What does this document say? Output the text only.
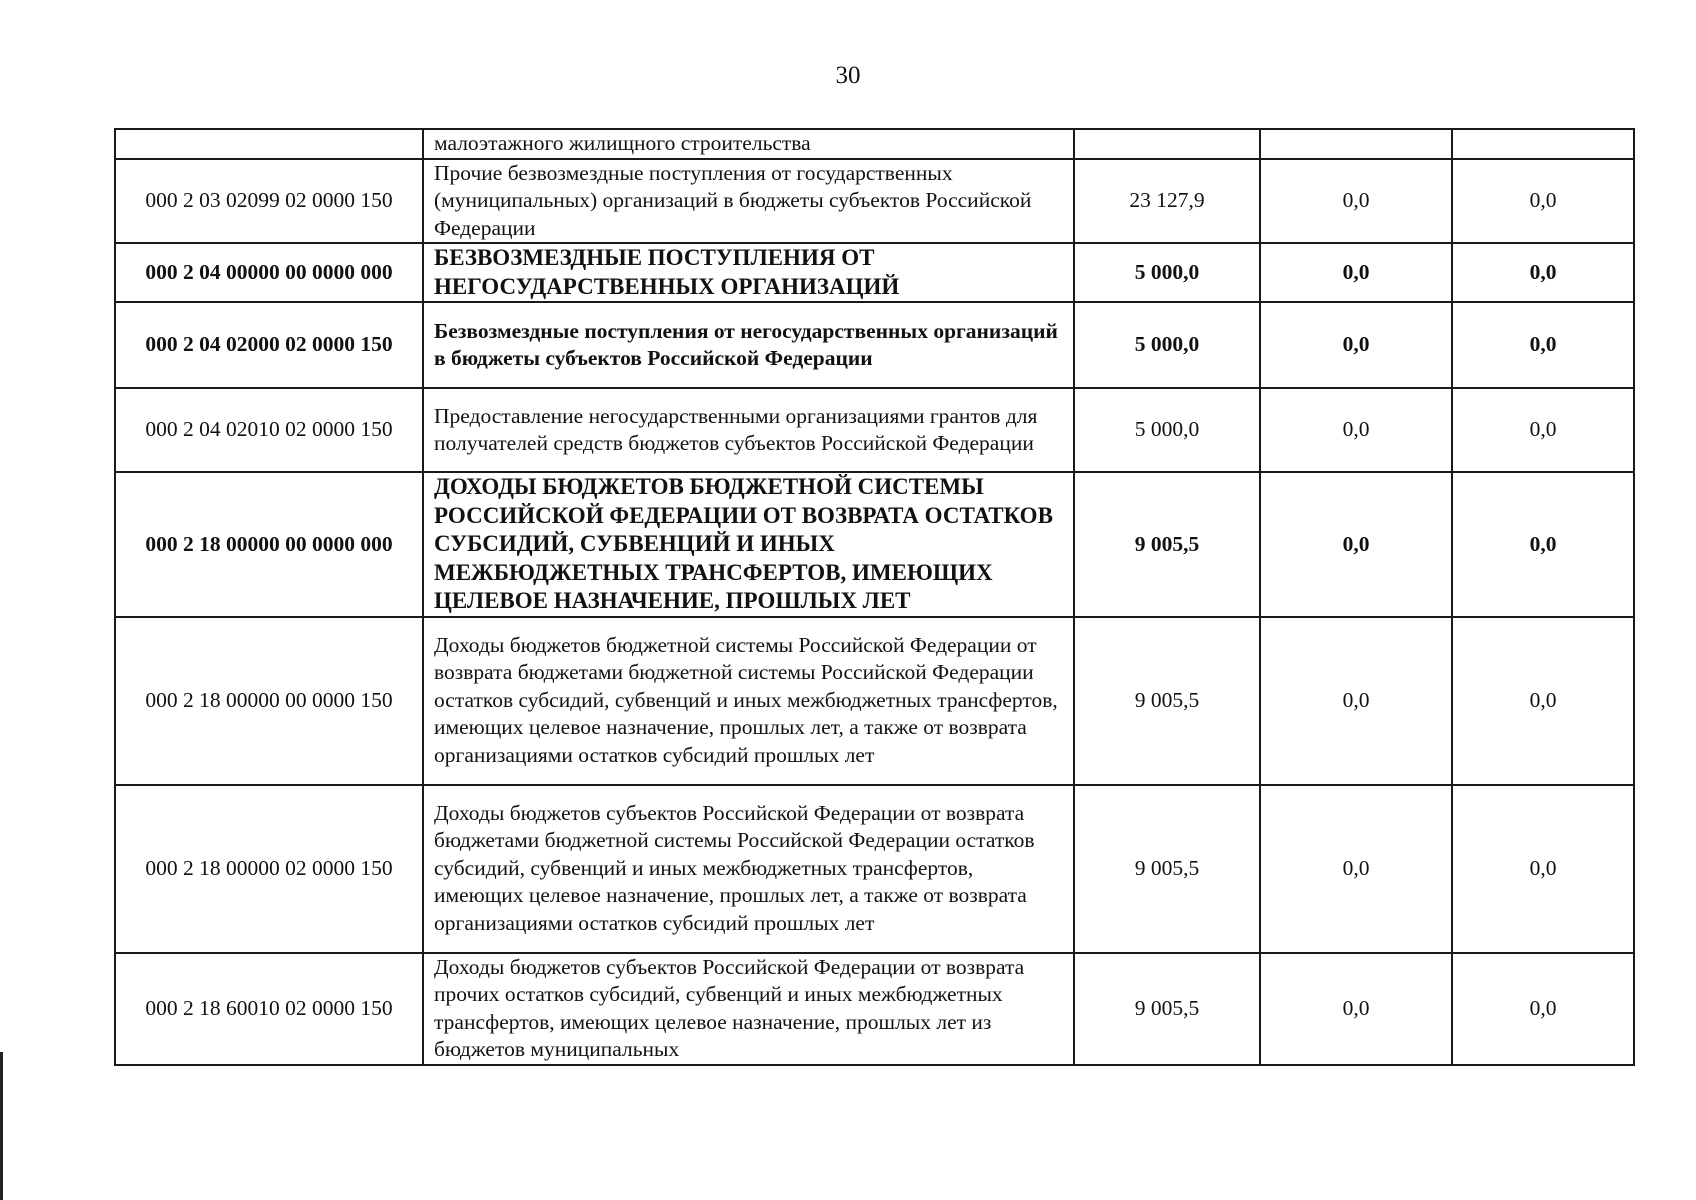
30
	малоэтажного жилищного строительства			
000 2 03 02099 02 0000 150	Прочие безвозмездные поступления от государственных (муниципальных) организаций в бюджеты субъектов Российской Федерации	23 127,9	0,0	0,0
000 2 04 00000 00 0000 000	БЕЗВОЗМЕЗДНЫЕ ПОСТУПЛЕНИЯ ОТ НЕГОСУДАРСТВЕННЫХ ОРГАНИЗАЦИЙ	5 000,0	0,0	0,0
000 2 04 02000 02 0000 150	Безвозмездные поступления от негосударственных организаций в бюджеты субъектов Российской Федерации	5 000,0	0,0	0,0
000 2 04 02010 02 0000 150	Предоставление негосударственными организациями грантов для получателей средств бюджетов субъектов Российской Федерации	5 000,0	0,0	0,0
000 2 18 00000 00 0000 000	ДОХОДЫ БЮДЖЕТОВ БЮДЖЕТНОЙ СИСТЕМЫ РОССИЙСКОЙ ФЕДЕРАЦИИ ОТ ВОЗВРАТА ОСТАТКОВ СУБСИДИЙ, СУБВЕНЦИЙ И ИНЫХ МЕЖБЮДЖЕТНЫХ ТРАНСФЕРТОВ, ИМЕЮЩИХ ЦЕЛЕВОЕ НАЗНАЧЕНИЕ, ПРОШЛЫХ ЛЕТ	9 005,5	0,0	0,0
000 2 18 00000 00 0000 150	Доходы бюджетов бюджетной системы Российской Федерации от возврата бюджетами бюджетной системы Российской Федерации остатков субсидий, субвенций и иных межбюджетных трансфертов, имеющих целевое назначение, прошлых лет, а также от возврата организациями остатков субсидий прошлых лет	9 005,5	0,0	0,0
000 2 18 00000 02 0000 150	Доходы бюджетов субъектов Российской Федерации от возврата бюджетами бюджетной системы Российской Федерации остатков субсидий, субвенций и иных межбюджетных трансфертов, имеющих целевое назначение, прошлых лет, а также от возврата организациями остатков субсидий прошлых лет	9 005,5	0,0	0,0
000 2 18 60010 02 0000 150	Доходы бюджетов субъектов Российской Федерации от возврата прочих остатков субсидий, субвенций и иных межбюджетных трансфертов, имеющих целевое назначение, прошлых лет из бюджетов муниципальных	9 005,5	0,0	0,0
